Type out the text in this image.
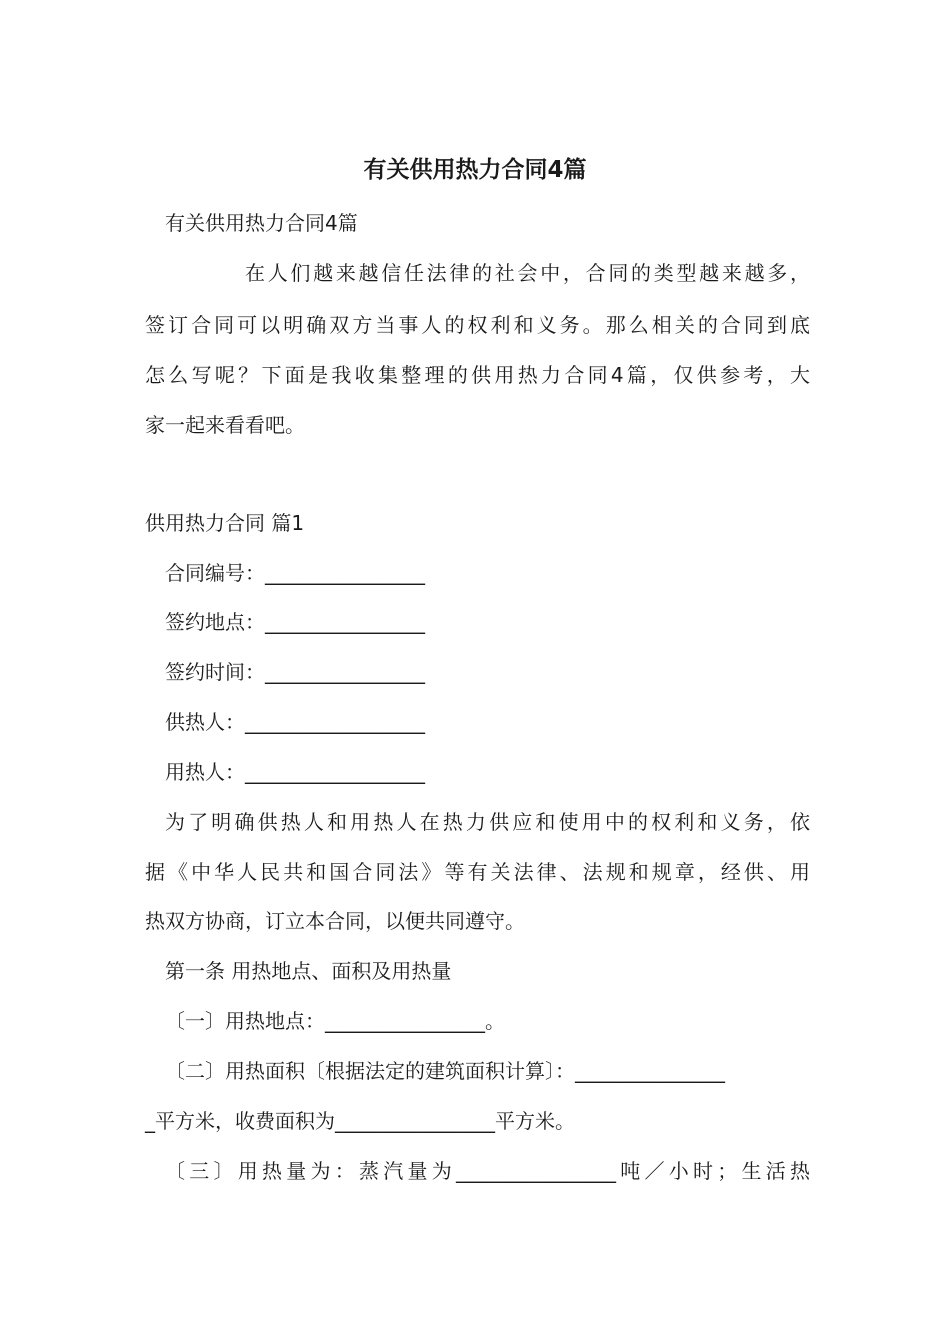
有关供用热力合同4篇
有关供用热力合同4篇
在人们越来越信任法律的社会中，合同的类型越来越多，
签订合同可以明确双方当事人的权利和义务。那么相关的合同到底
怎么写呢？下面是我收集整理的供用热力合同4篇，仅供参考，大
家一起来看看吧。
供用热力合同 篇1
合同编号：________________
签约地点：________________
签约时间：________________
供热人：__________________
用热人：__________________
为了明确供热人和用热人在热力供应和使用中的权利和义务，依
据《中华人民共和国合同法》等有关法律、法规和规章，经供、用
热双方协商，订立本合同，以便共同遵守。
第一条 用热地点、面积及用热量
〔一〕用热地点：________________。
〔二〕用热面积〔根据法定的建筑面积计算〕：_______________
_平方米，收费面积为________________平方米。
〔三〕用热量为：蒸汽量为________________吨／小时；生活热
